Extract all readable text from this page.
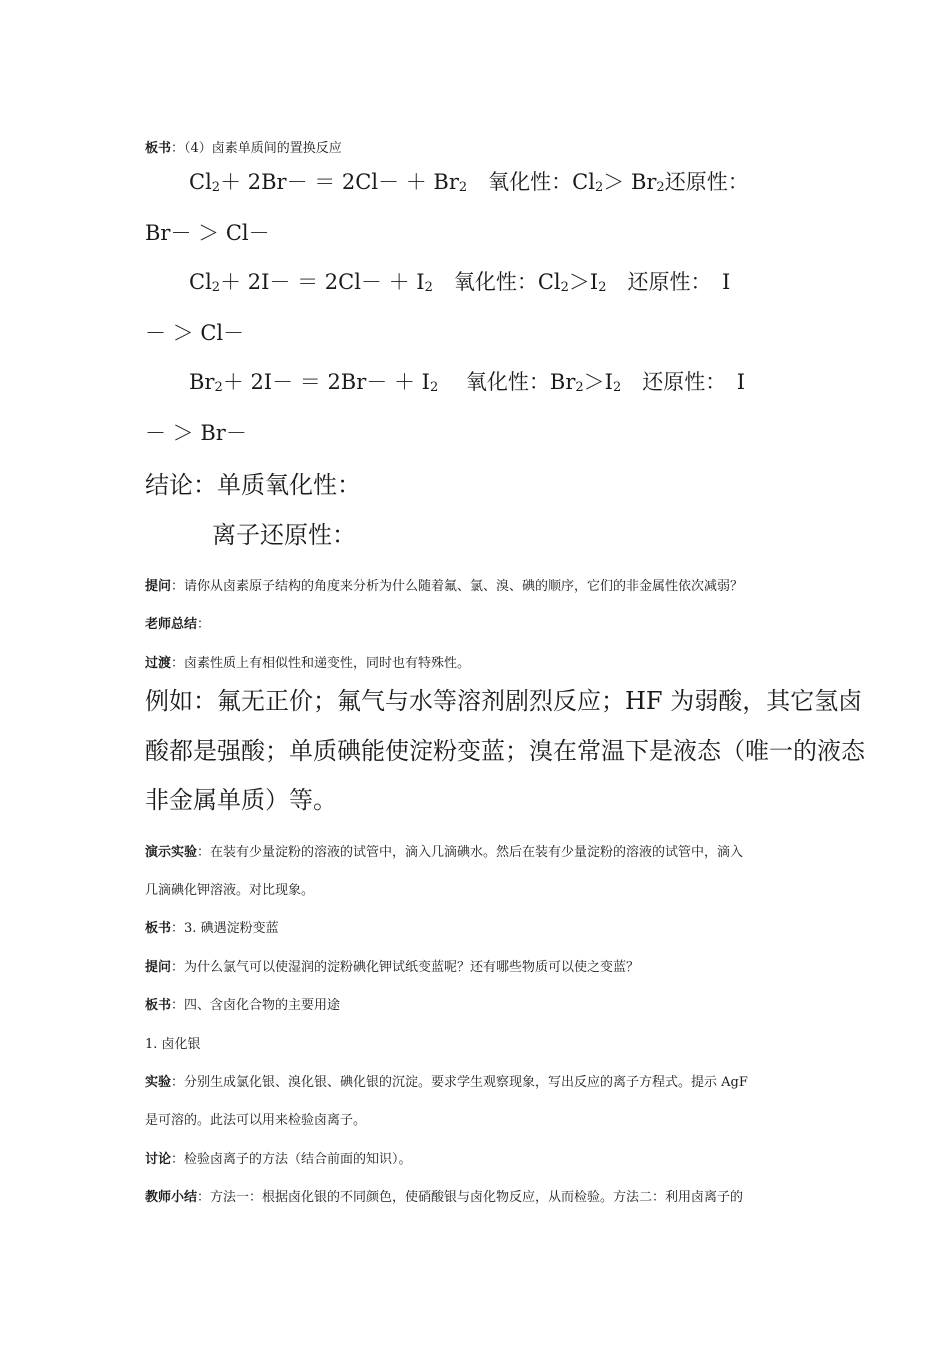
板书：（4）卤素单质间的置换反应
$Cl_2+ 2Br- = 2Cl- + Br_2$　氧化性：$Cl_2> Br_2$还原性：
Br－ ＞ Cl－
$Cl_2+ 2I- = 2Cl- + I_2$　氧化性：$Cl_2>I_2$　还原性：　I
－ ＞ Cl－
$Br_2+ 2I- = 2Br- + I_2$　 氧化性：$Br_2>I_2$　还原性：　I
－ ＞ Br－
结论：单质氧化性：
离子还原性：
提问：请你从卤素原子结构的角度来分析为什么随着氟、氯、溴、碘的顺序，它们的非金属性依次减弱？
老师总结：
过渡：卤素性质上有相似性和递变性，同时也有特殊性。
例如：氟无正价；氟气与水等溶剂剧烈反应；HF 为弱酸，其它氢卤
酸都是强酸；单质碘能使淀粉变蓝；溴在常温下是液态（唯一的液态
非金属单质）等。
演示实验：在装有少量淀粉的溶液的试管中，滴入几滴碘水。然后在装有少量淀粉的溶液的试管中，滴入
几滴碘化钾溶液。对比现象。
板书：3. 碘遇淀粉变蓝
提问：为什么氯气可以使湿润的淀粉碘化钾试纸变蓝呢？还有哪些物质可以使之变蓝？
板书：四、含卤化合物的主要用途
1. 卤化银
实验：分别生成氯化银、溴化银、碘化银的沉淀。要求学生观察现象，写出反应的离子方程式。提示 AgF
是可溶的。此法可以用来检验卤离子。
讨论：检验卤离子的方法（结合前面的知识）。
教师小结：方法一：根据卤化银的不同颜色，使硝酸银与卤化物反应，从而检验。方法二：利用卤离子的
